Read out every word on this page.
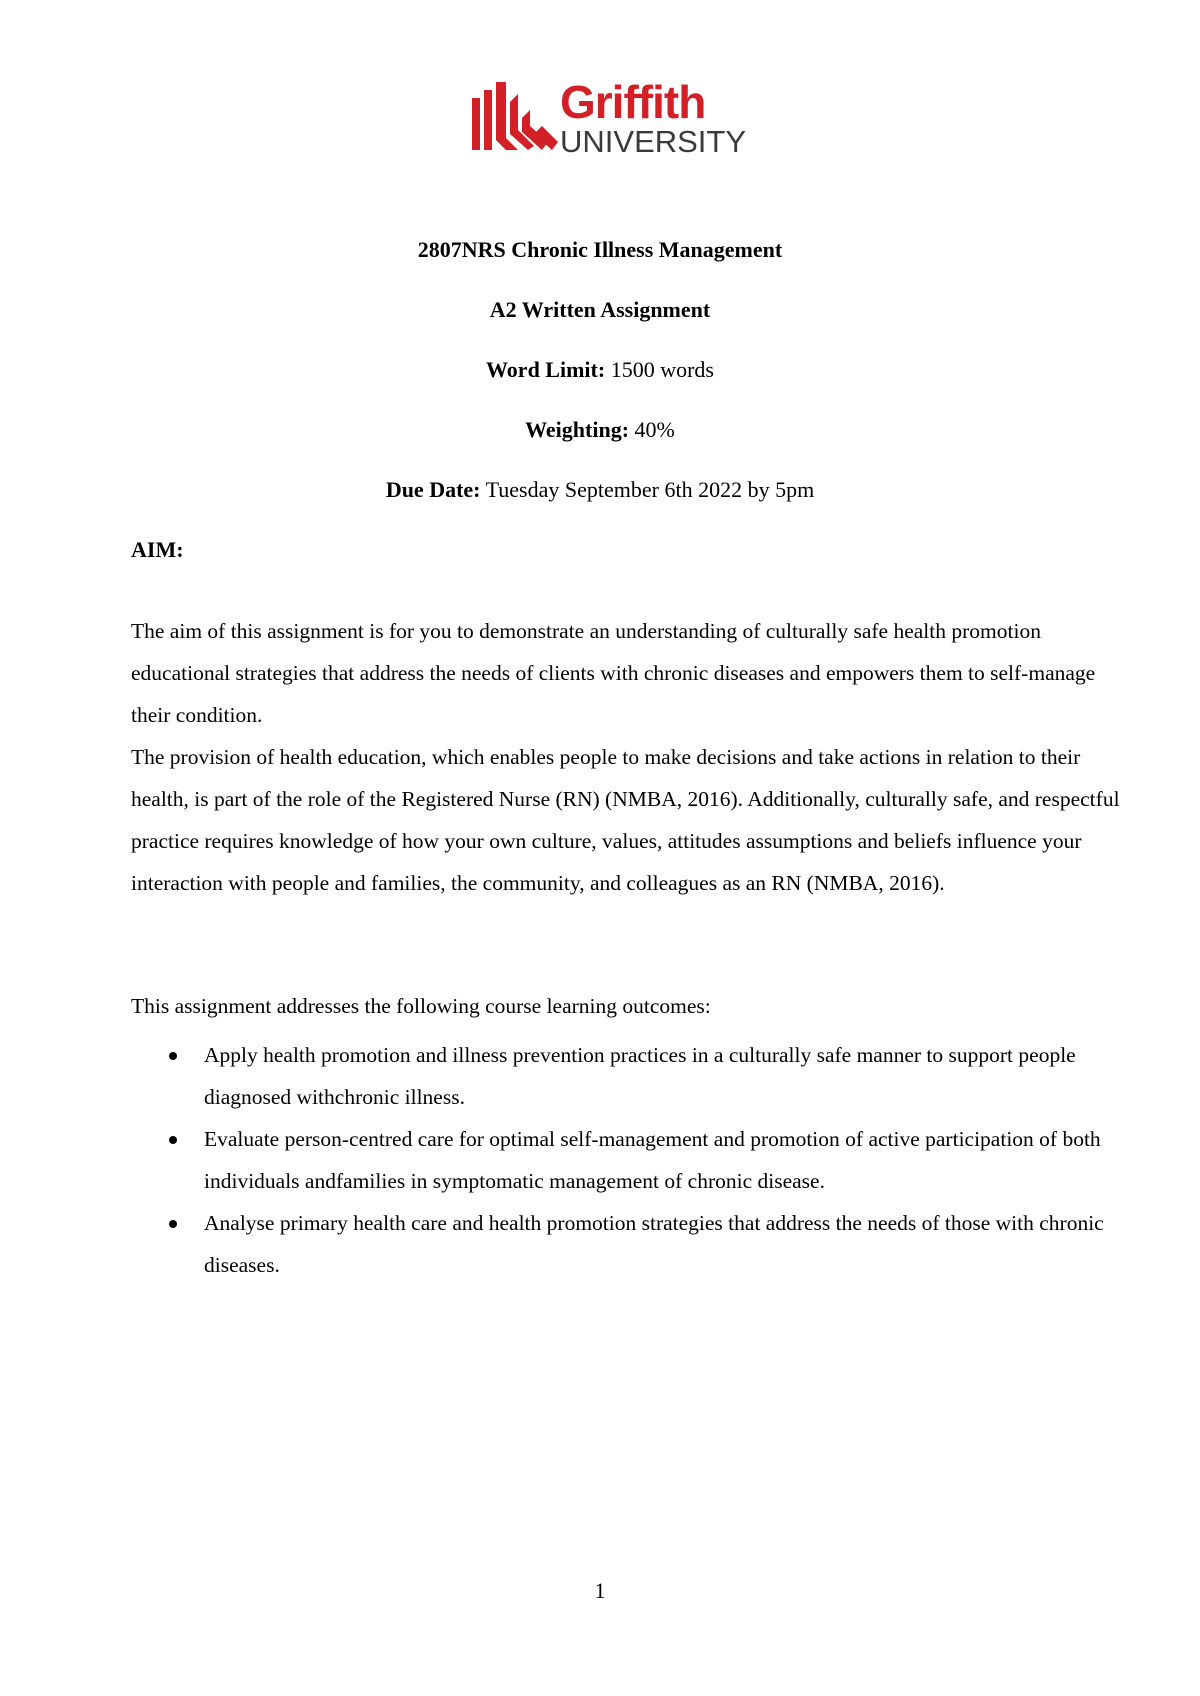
Griffith
UNIVERSITY
2807NRS Chronic Illness Management
A2 Written Assignment
Word Limit: 1500 words
Weighting: 40%
Due Date: Tuesday September 6th 2022 by 5pm
AIM:
The aim of this assignment is for you to demonstrate an understanding of culturally safe health promotion educational strategies that address the needs of clients with chronic diseases and empowers them to self-manage their condition.
The provision of health education, which enables people to make decisions and take actions in relation to their health, is part of the role of the Registered Nurse (RN) (NMBA, 2016). Additionally, culturally safe, and respectful practice requires knowledge of how your own culture, values, attitudes assumptions and beliefs influence your interaction with people and families, the community, and colleagues as an RN (NMBA, 2016).
This assignment addresses the following course learning outcomes:
Apply health promotion and illness prevention practices in a culturally safe manner to support people diagnosed withchronic illness.
Evaluate person-centred care for optimal self-management and promotion of active participation of both individuals andfamilies in symptomatic management of chronic disease.
Analyse primary health care and health promotion strategies that address the needs of those with chronic diseases.
1
